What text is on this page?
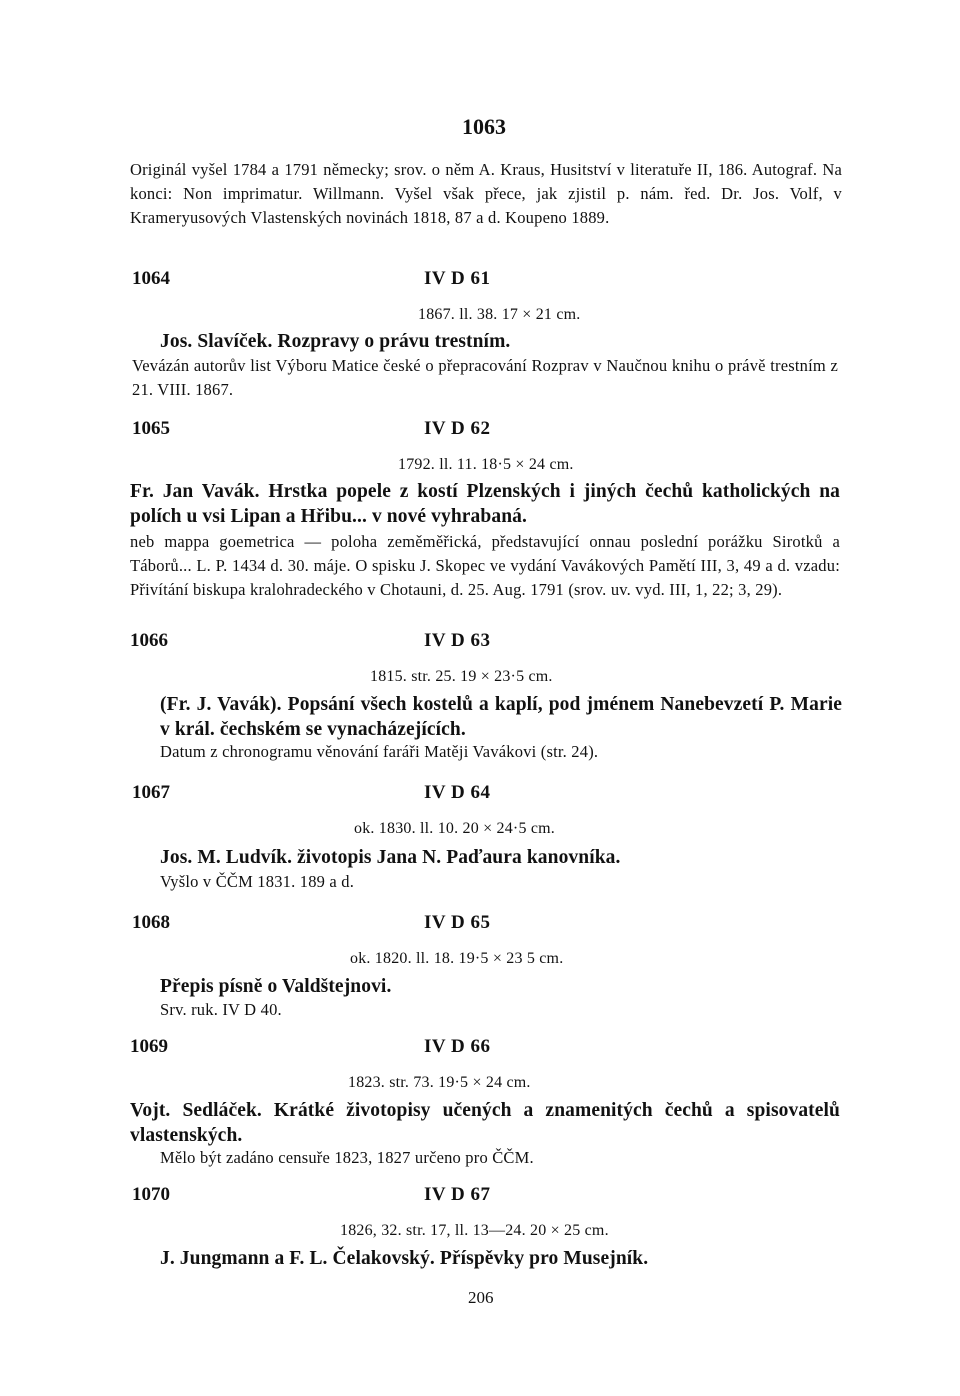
1063
Originál vyšel 1784 a 1791 německy; srov. o něm A. Kraus, Husitství v literatuře II, 186. Autograf. Na konci: Non imprimatur. Willmann. Vyšel však přece, jak zjistil p. nám. řed. Dr. Jos. Volf, v Krameryusových Vlastenských novinách 1818, 87 a d. Koupeno 1889.
1064	IV D 61
1867. ll. 38. 17 × 21 cm.
Jos. Slavíček. Rozpravy o právu trestním.
Vevázán autorův list Výboru Matice české o přepracování Rozprav v Naučnou knihu o právě trestním z 21. VIII. 1867.
1065	IV D 62
1792. ll. 11. 18·5 × 24 cm.
Fr. Jan Vavák. Hrstka popele z kostí Plzenských i jiných čechů katholických na polích u vsi Lipan a Hřibu... v nové vyhrabaná.
neb mappa goemetrica — poloha zeměměřická, představující onnau poslední porážku Sirotků a Táborů... L. P. 1434 d. 30. máje. O spisku J. Skopec ve vydání Vavákových Pamětí III, 3, 49 a d. vzadu: Přivítání biskupa kralohradeckého v Chotauni, d. 25. Aug. 1791 (srov. uv. vyd. III, 1, 22; 3, 29).
1066	IV D 63
1815. str. 25. 19 × 23·5 cm.
(Fr. J. Vavák). Popsání všech kostelů a kaplí, pod jménem Nanebevzetí P. Marie v král. čechském se vynacházejících.
Datum z chronogramu věnování faráři Matěji Vavákovi (str. 24).
1067	IV D 64
ok. 1830. ll. 10. 20 × 24·5 cm.
Jos. M. Ludvík. životopis Jana N. Paďaura kanovníka.
Vyšlo v ČČM 1831. 189 a d.
1068	IV D 65
ok. 1820. ll. 18. 19·5 × 23 5 cm.
Přepis písně o Valdštejnovi.
Srv. ruk. IV D 40.
1069	IV D 66
1823. str. 73. 19·5 × 24 cm.
Vojt. Sedláček. Krátké životopisy učených a znamenitých čechů a spisovatelů vlastenských.
Mělo být zadáno censuře 1823, 1827 určeno pro ČČM.
1070	IV D 67
1826, 32. str. 17, ll. 13—24. 20 × 25 cm.
J. Jungmann a F. L. Čelakovský. Příspěvky pro Musejník.
206
